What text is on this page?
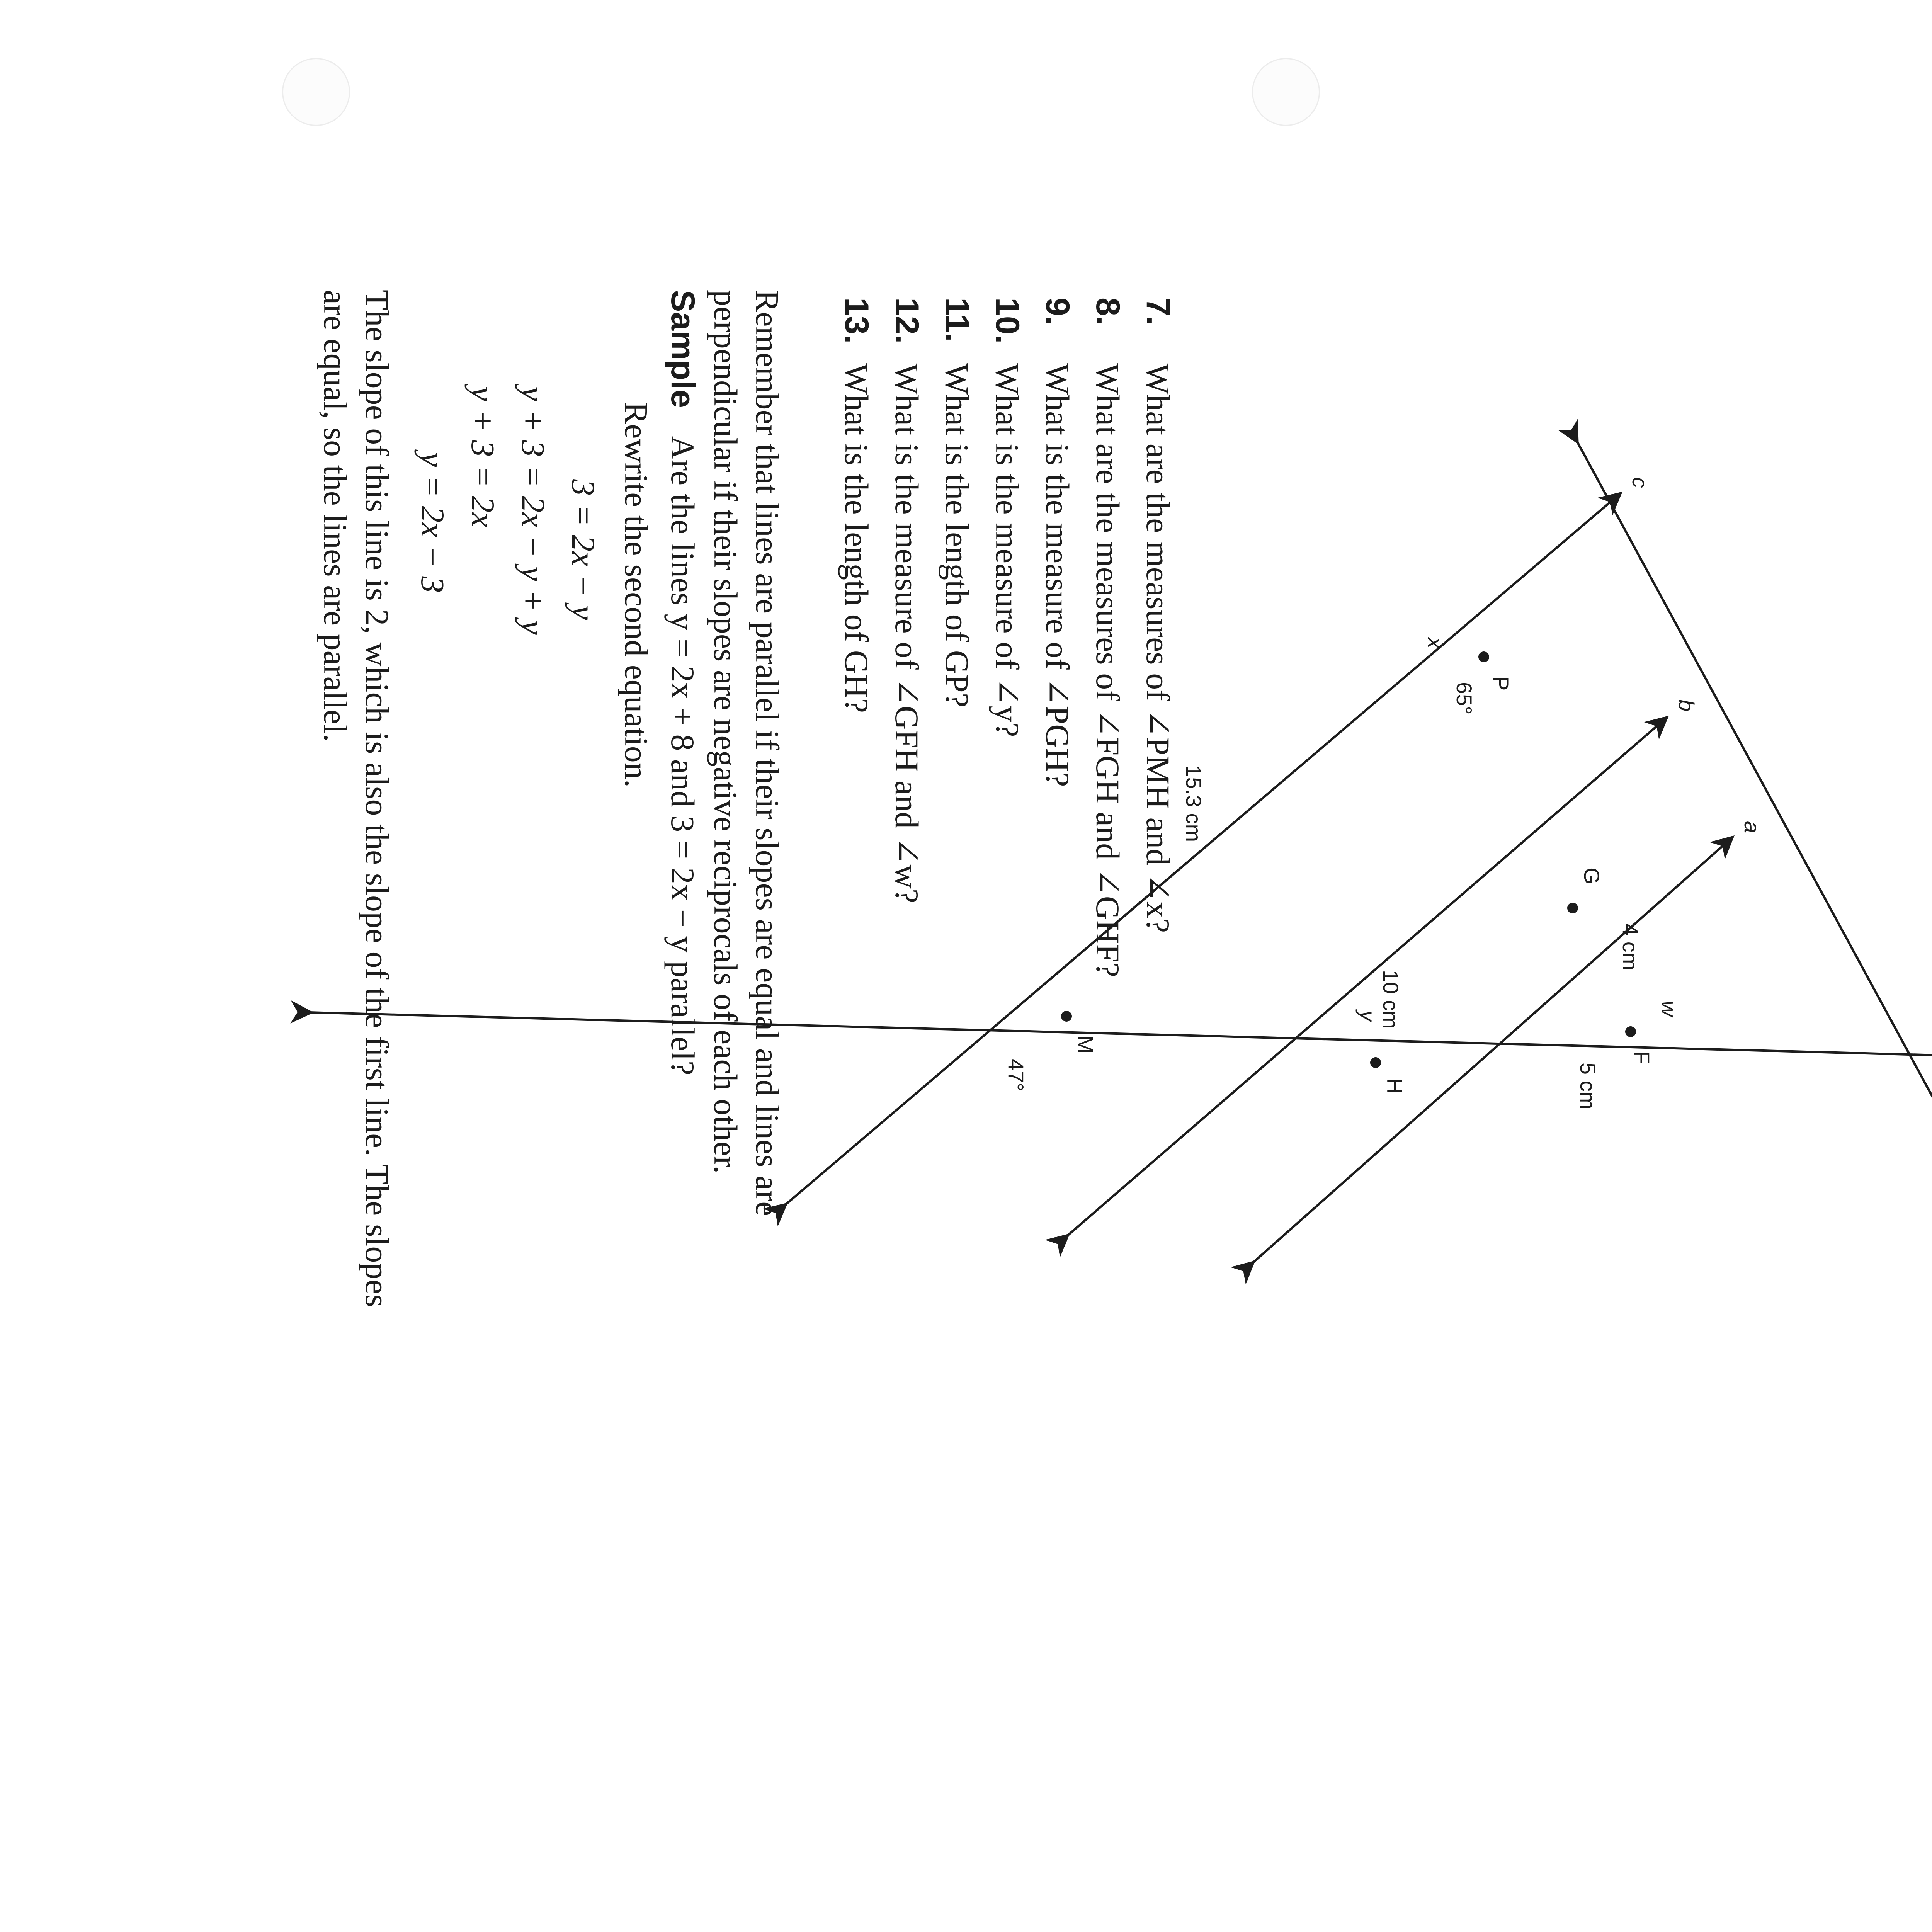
a
b
c
P
G
F
H
M
x
y	w
65°
47°
15.3 cm
4 cm
5 cm
10 cm
7.What are the measures of ∠PMH and ∠x?
8.What are the measures of ∠FGH and ∠GHF?
9.What is the measure of ∠PGH?
10.What is the measure of ∠y?
11.What is the length of GP?
12.What is the measure of ∠GFH and ∠w?
13.What is the length of GH?

Remember that lines are parallel if their slopes are equal and lines are perpendicular if their slopes are negative reciprocals of each other.

Sample Are the lines y = 2x + 8 and 3 = 2x − y parallel?
Rewrite the second equation.
3 = 2x − y
y + 3 = 2x − y + y
y + 3 = 2x
y = 2x − 3

The slope of this line is 2, which is also the slope of the first line. The slopes are equal, so the lines are parallel.
